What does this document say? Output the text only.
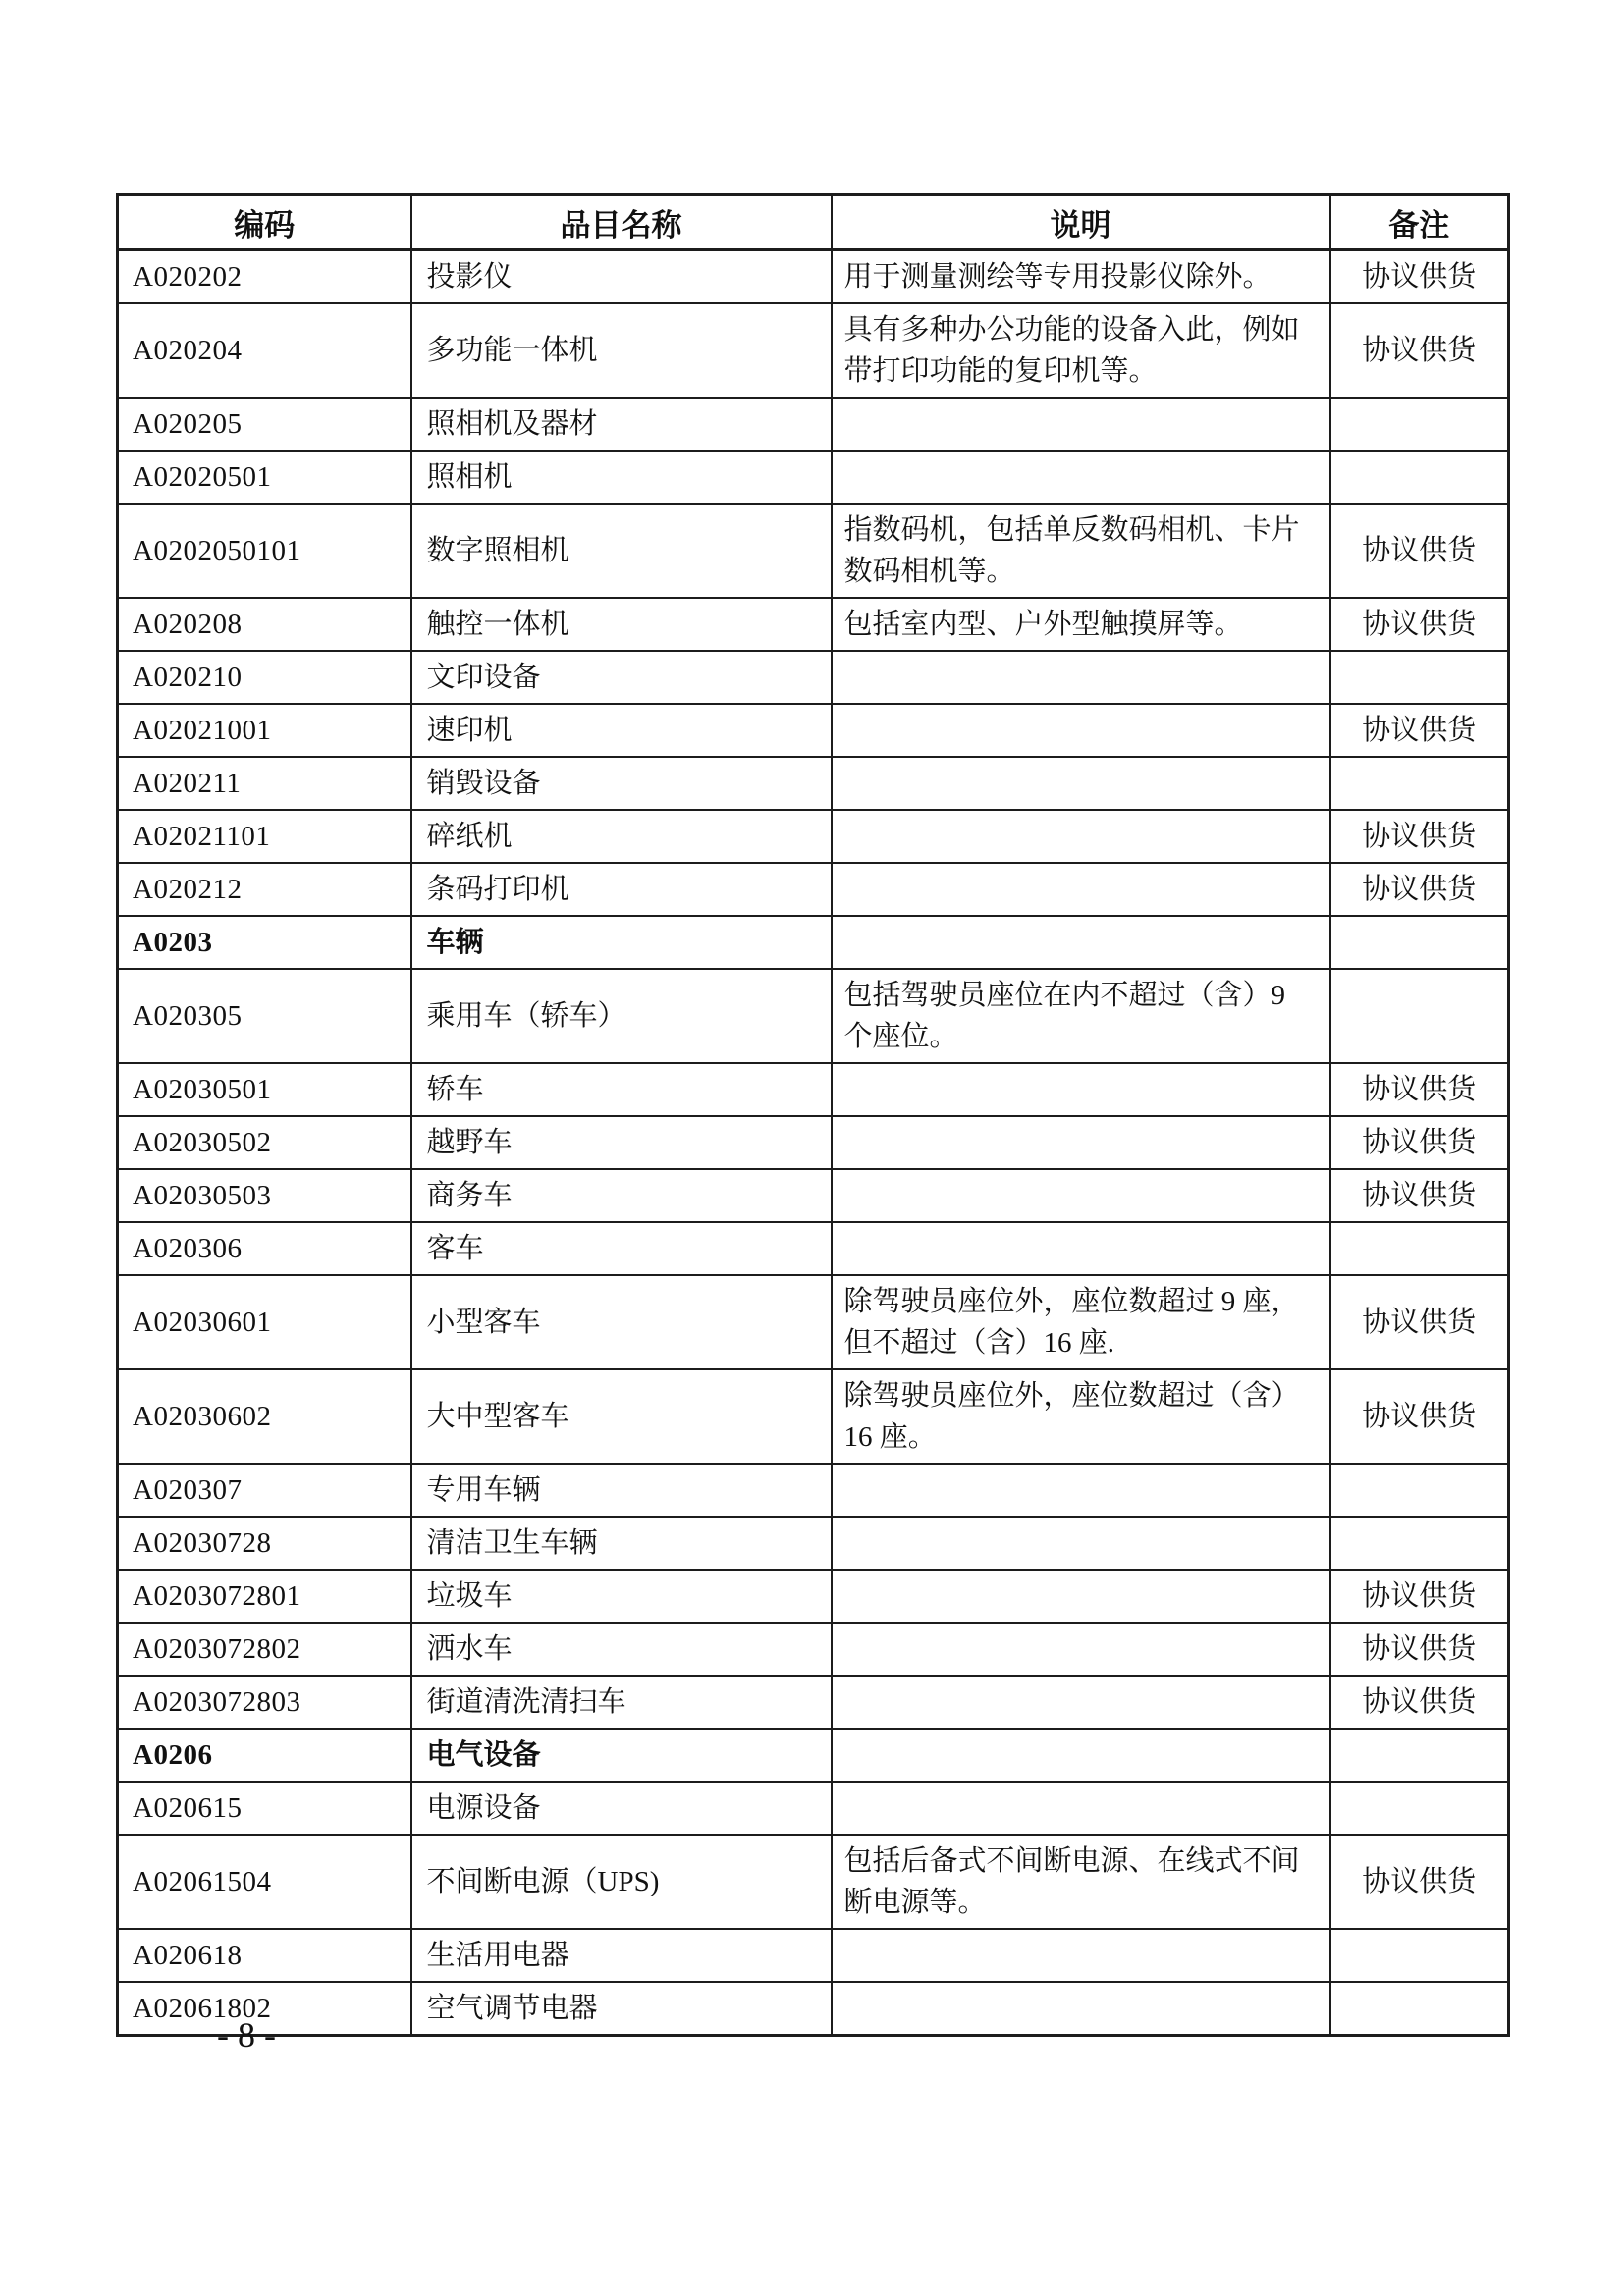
编码	品目名称	说明	备注
A020202	投影仪	用于测量测绘等专用投影仪除外。	协议供货
A020204	多功能一体机	具有多种办公功能的设备入此，例如带打印功能的复印机等。	协议供货
A020205	照相机及器材		
A02020501	照相机		
A0202050101	数字照相机	指数码机，包括单反数码相机、卡片数码相机等。	协议供货
A020208	触控一体机	包括室内型、户外型触摸屏等。	协议供货
A020210	文印设备		
A02021001	速印机		协议供货
A020211	销毁设备		
A02021101	碎纸机		协议供货
A020212	条码打印机		协议供货
A0203	车辆		
A020305	乘用车（轿车）	包括驾驶员座位在内不超过（含）9 个座位。	
A02030501	轿车		协议供货
A02030502	越野车		协议供货
A02030503	商务车		协议供货
A020306	客车		
A02030601	小型客车	除驾驶员座位外，座位数超过 9 座，但不超过（含）16 座.	协议供货
A02030602	大中型客车	除驾驶员座位外，座位数超过（含）16 座。	协议供货
A020307	专用车辆		
A02030728	清洁卫生车辆		
A0203072801	垃圾车		协议供货
A0203072802	洒水车		协议供货
A0203072803	街道清洗清扫车		协议供货
A0206	电气设备		
A020615	电源设备		
A02061504	不间断电源（UPS)	包括后备式不间断电源、在线式不间断电源等。	协议供货
A020618	生活用电器		
A02061802	空气调节电器		
- 8 -
